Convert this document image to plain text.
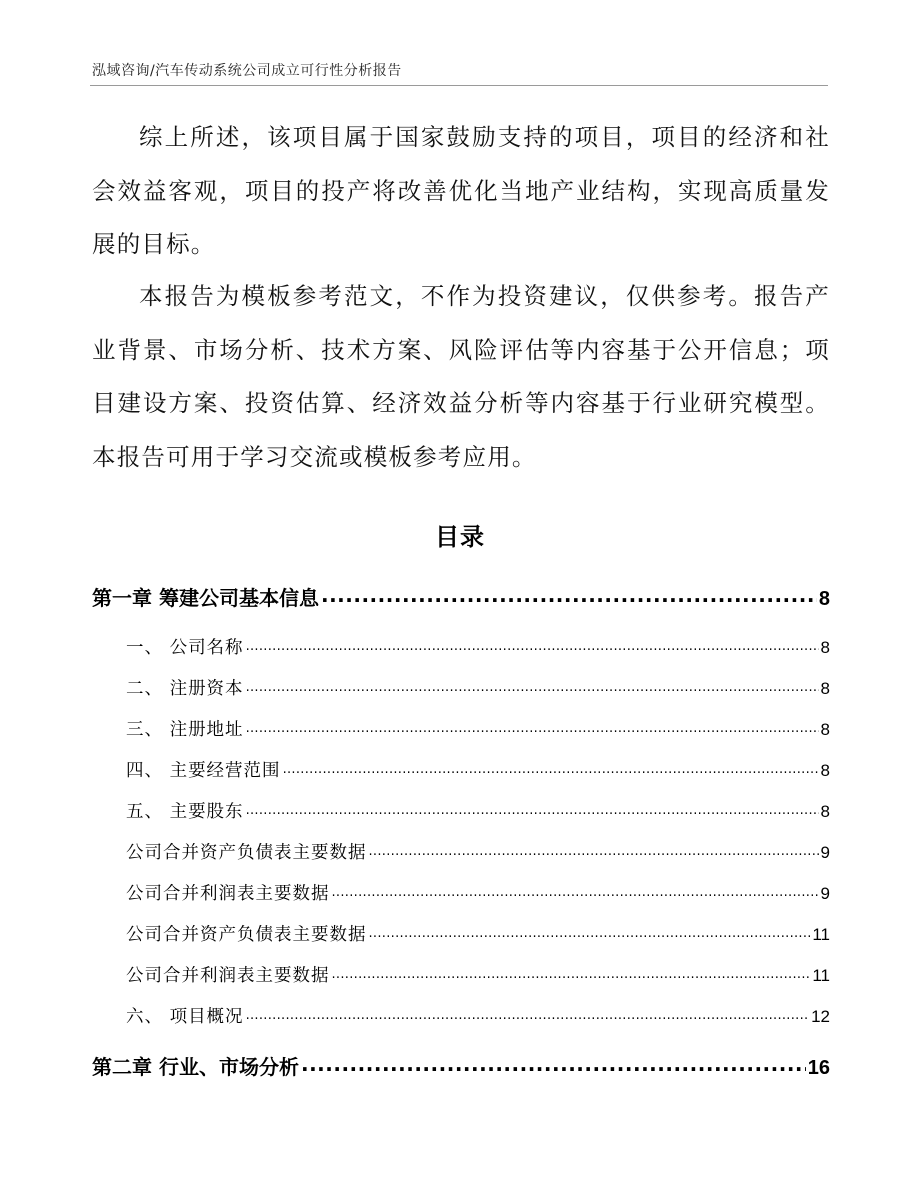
泓域咨询/汽车传动系统公司成立可行性分析报告

综上所述，该项目属于国家鼓励支持的项目，项目的经济和社会效益客观，项目的投产将改善优化当地产业结构，实现高质量发展的目标。

本报告为模板参考范文，不作为投资建议，仅供参考。报告产业背景、市场分析、技术方案、风险评估等内容基于公开信息；项目建设方案、投资估算、经济效益分析等内容基于行业研究模型。本报告可用于学习交流或模板参考应用。

目录
第一章 筹建公司基本信息 .....	8
一、 公司名称 .....	8
二、 注册资本 .....	8
三、 注册地址 .....	8
四、 主要经营范围 .....	8
五、 主要股东 .....	8
公司合并资产负债表主要数据 .....	9
公司合并利润表主要数据 .....	9
公司合并资产负债表主要数据 .....	11
公司合并利润表主要数据 .....	11
六、 项目概况 .....	12
第二章 行业、市场分析 .....	16
